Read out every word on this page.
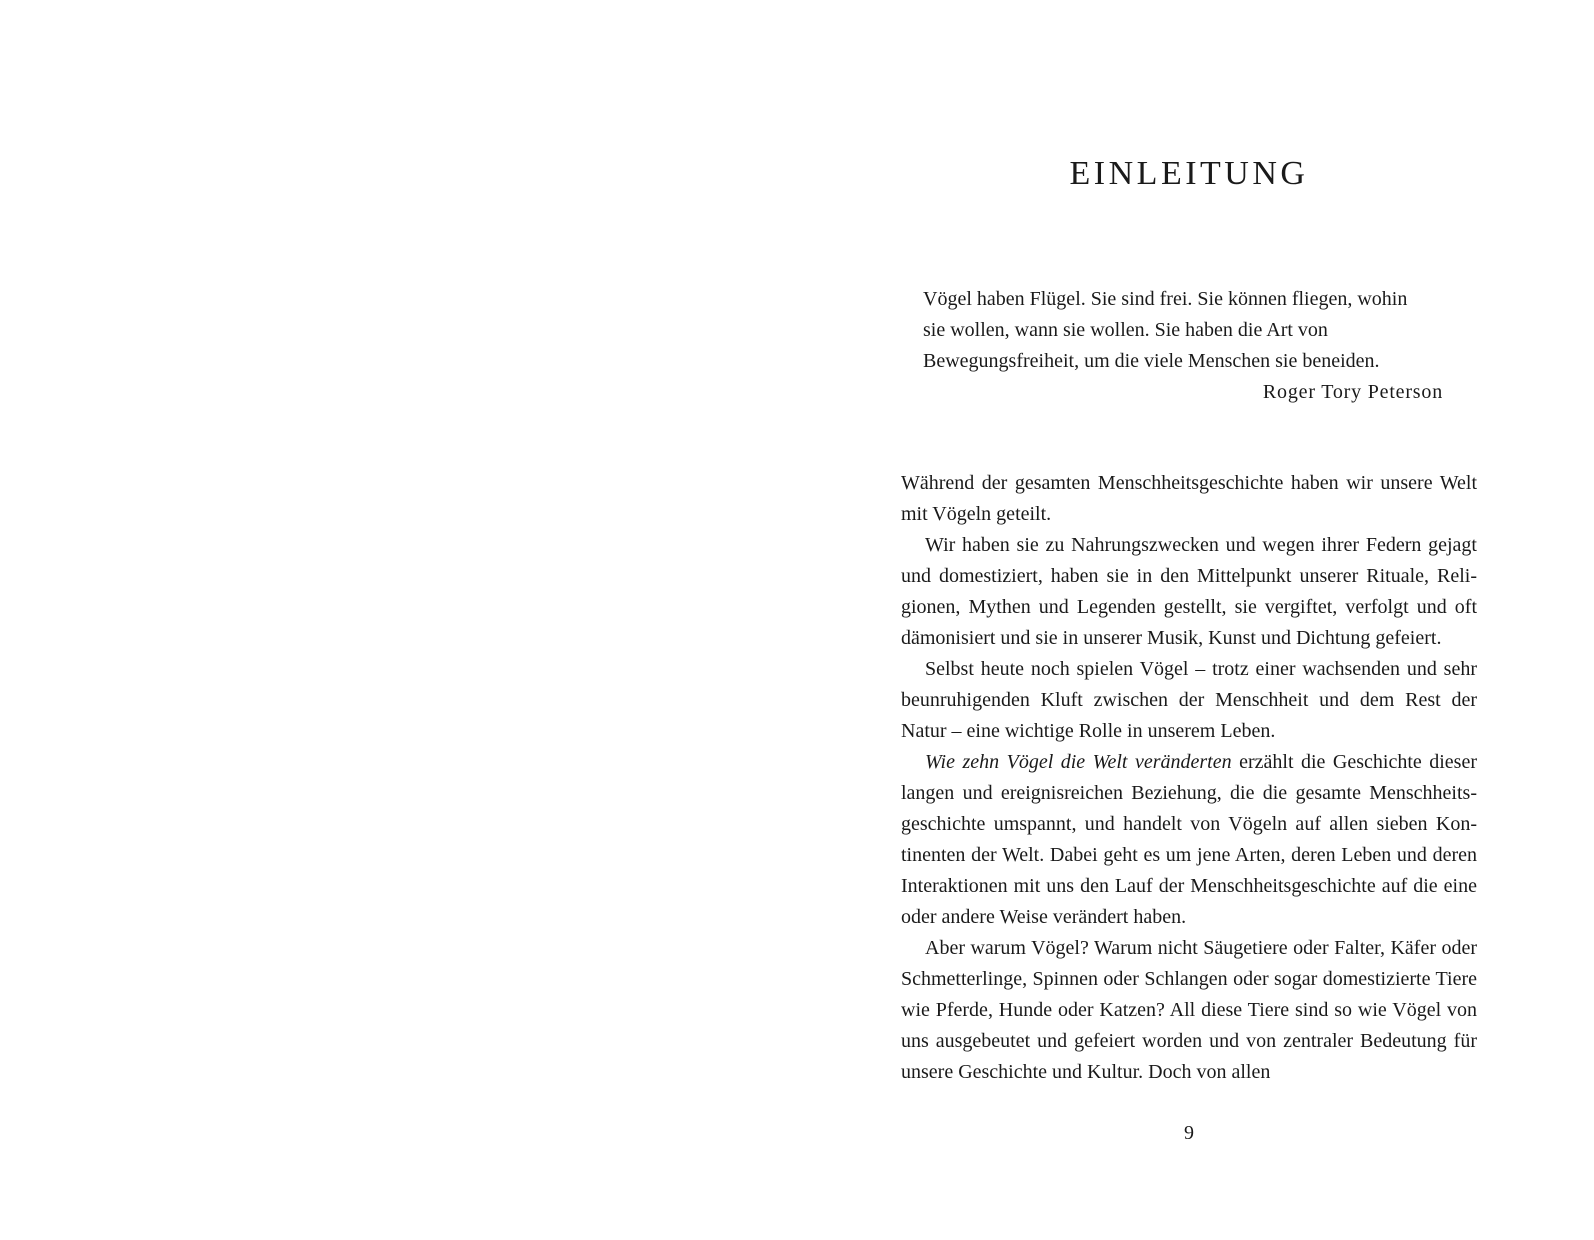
EINLEITUNG

Vögel haben Flügel. Sie sind frei. Sie können fliegen, wohin sie wollen, wann sie wollen. Sie haben die Art von Bewegungsfreiheit, um die viele Menschen sie beneiden.

Roger Tory Peterson

Während der gesamten Menschheitsgeschichte haben wir unsere Welt mit Vögeln geteilt.

Wir haben sie zu Nahrungszwecken und wegen ihrer Federn gejagt und domestiziert, haben sie in den Mittelpunkt unserer Rituale, Religionen, Mythen und Legenden gestellt, sie vergiftet, verfolgt und oft dämonisiert und sie in unserer Musik, Kunst und Dichtung gefeiert.

Selbst heute noch spielen Vögel – trotz einer wachsenden und sehr beunruhigenden Kluft zwischen der Menschheit und dem Rest der Natur – eine wichtige Rolle in unserem Leben.

Wie zehn Vögel die Welt veränderten erzählt die Geschichte dieser langen und ereignisreichen Beziehung, die die gesamte Menschheitsgeschichte umspannt, und handelt von Vögeln auf allen sieben Kontinenten der Welt. Dabei geht es um jene Arten, deren Leben und deren Interaktionen mit uns den Lauf der Menschheitsgeschichte auf die eine oder andere Weise verändert haben.

Aber warum Vögel? Warum nicht Säugetiere oder Falter, Käfer oder Schmetterlinge, Spinnen oder Schlangen oder sogar domestizierte Tiere wie Pferde, Hunde oder Katzen? All diese Tiere sind so wie Vögel von uns ausgebeutet und gefeiert worden und von zentraler Bedeutung für unsere Geschichte und Kultur. Doch von allen

9
